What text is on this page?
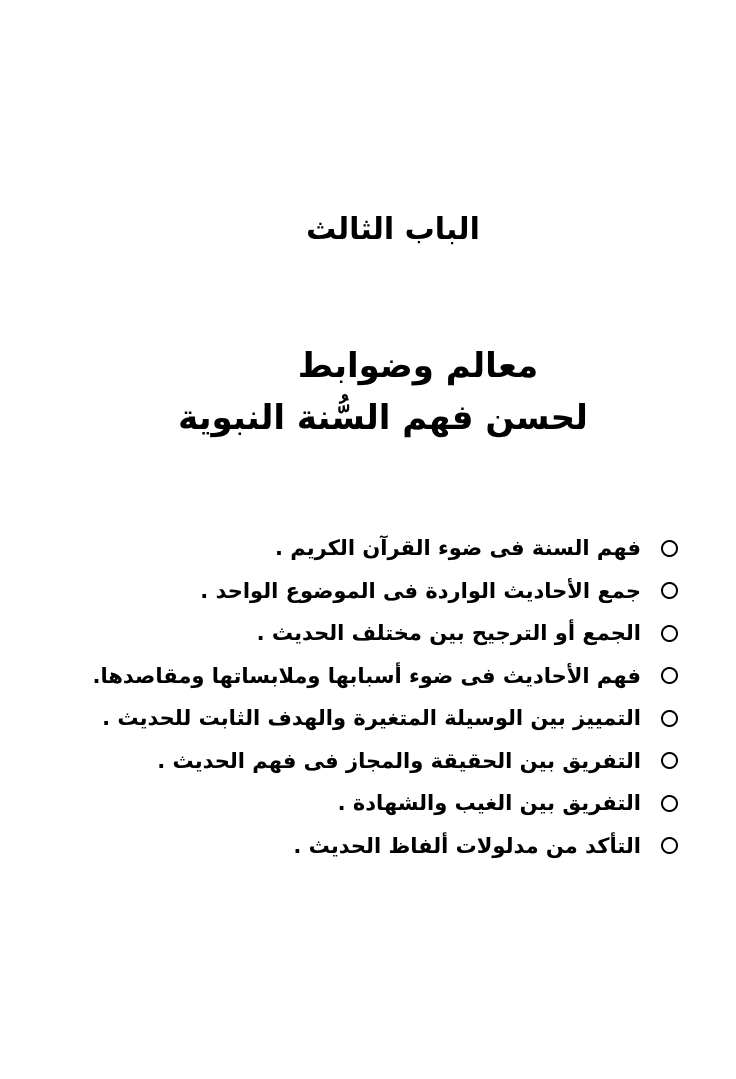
الباب الثالث
معالم وضوابط
لحسن فهم السُّنة النبوية
فهم السنة فى ضوء القرآن الكريم .
جمع الأحاديث الواردة فى الموضوع الواحد .
الجمع أو الترجيح بين مختلف الحديث .
فهم الأحاديث فى ضوء أسبابها وملابساتها ومقاصدها.
التمييز بين الوسيلة المتغيرة والهدف الثابت للحديث .
التفريق بين الحقيقة والمجاز فى فهم الحديث .
التفريق بين الغيب والشهادة .
التأكد من مدلولات ألفاظ الحديث .
